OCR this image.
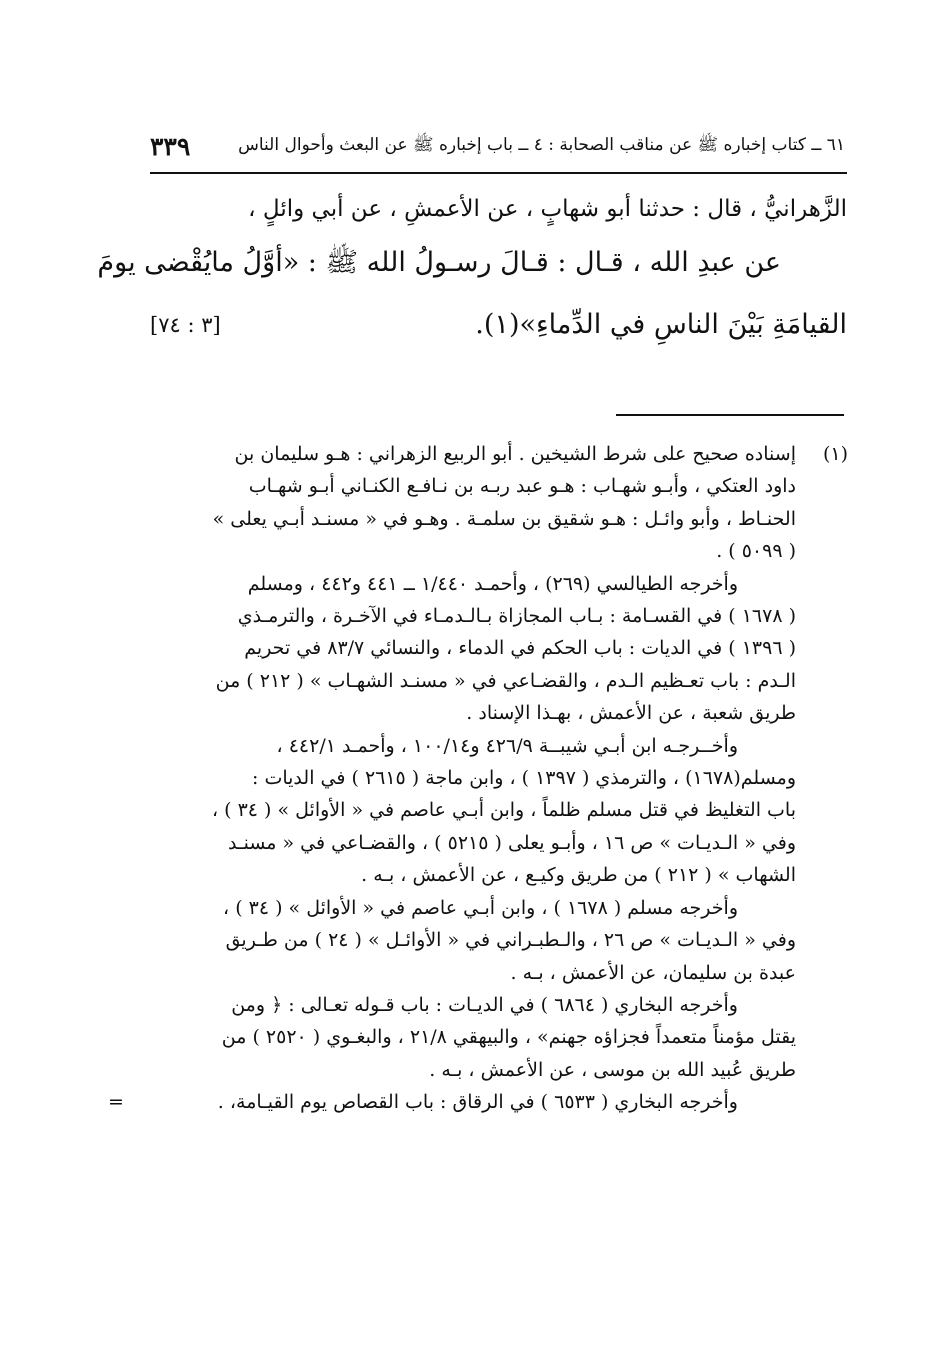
٣٣٩	٦١ ــ كتاب إخباره ﷺ عن مناقب الصحابة : ٤ ــ باب إخباره ﷺ عن البعث وأحوال الناس
الزَّهرانيُّ ، قال : حدثنا أبو شهابٍ ، عن الأعمشِ ، عن أبي وائلٍ ،
عن عبدِ الله ، قـال : قـالَ رسـولُ الله ﷺ : «أوَّلُ مايُقْضى يومَ
[٣ : ٧٤]	القيامَةِ بَيْنَ الناسِ في الدِّماءِ»(١).
(١)
إسناده صحيح على شرط الشيخين . أبو الربيع الزهراني : هـو سليمان بن
داود العتكي ، وأبـو شهـاب : هـو عبد ربـه بن نـافـع الكنـاني أبـو شهـاب
الحنـاط ، وأبو وائـل : هـو شقيق بن سلمـة . وهـو في « مسنـد أبـي يعلى »
( ٥٠٩٩ ) .
وأخرجه الطيالسي (٢٦٩) ، وأحمـد ١/٤٤٠ ــ ٤٤١ و٤٤٢ ، ومسلم
( ١٦٧٨ ) في القسـامة : بـاب المجازاة بـالـدمـاء في الآخـرة ، والترمـذي
( ١٣٩٦ ) في الديات : باب الحكم في الدماء ، والنسائي ٨٣/٧ في تحريم
الـدم : باب تعـظيم الـدم ، والقضـاعي في « مسنـد الشهـاب » ( ٢١٢ ) من
طريق شعبة ، عن الأعمش ، بهـذا الإسناد .
وأخــرجـه ابن أبـي شيبــة ٤٢٦/٩ و١٠٠/١٤ ، وأحمـد ٤٤٢/١ ،
ومسلم(١٦٧٨) ، والترمذي ( ١٣٩٧ ) ، وابن ماجة ( ٢٦١٥ ) في الديات :
باب التغليظ في قتل مسلم ظلماً ، وابن أبـي عاصم في « الأوائل » ( ٣٤ ) ،
وفي « الـديـات » ص ١٦ ، وأبـو يعلى ( ٥٢١٥ ) ، والقضـاعي في « مسنـد
الشهاب » ( ٢١٢ ) من طريق وكيـع ، عن الأعمش ، بـه .
وأخرجه مسلم ( ١٦٧٨ ) ، وابن أبـي عاصم في « الأوائل » ( ٣٤ ) ،
وفي « الـديـات » ص ٢٦ ، والـطبـراني في « الأوائـل » ( ٢٤ ) من طـريق
عبدة بن سليمان، عن الأعمش ، بـه .
وأخرجه البخاري ( ٦٨٦٤ ) في الديـات : باب قـوله تعـالى : ﴿ ومن
يقتل مؤمناً متعمداً فجزاؤه جهنم» ، والبيهقي ٢١/٨ ، والبغـوي ( ٢٥٢٠ ) من
طريق عُبيد الله بن موسى ، عن الأعمش ، بـه .
=	وأخرجه البخاري ( ٦٥٣٣ ) في الرقاق : باب القصاص يوم القيـامة، .
